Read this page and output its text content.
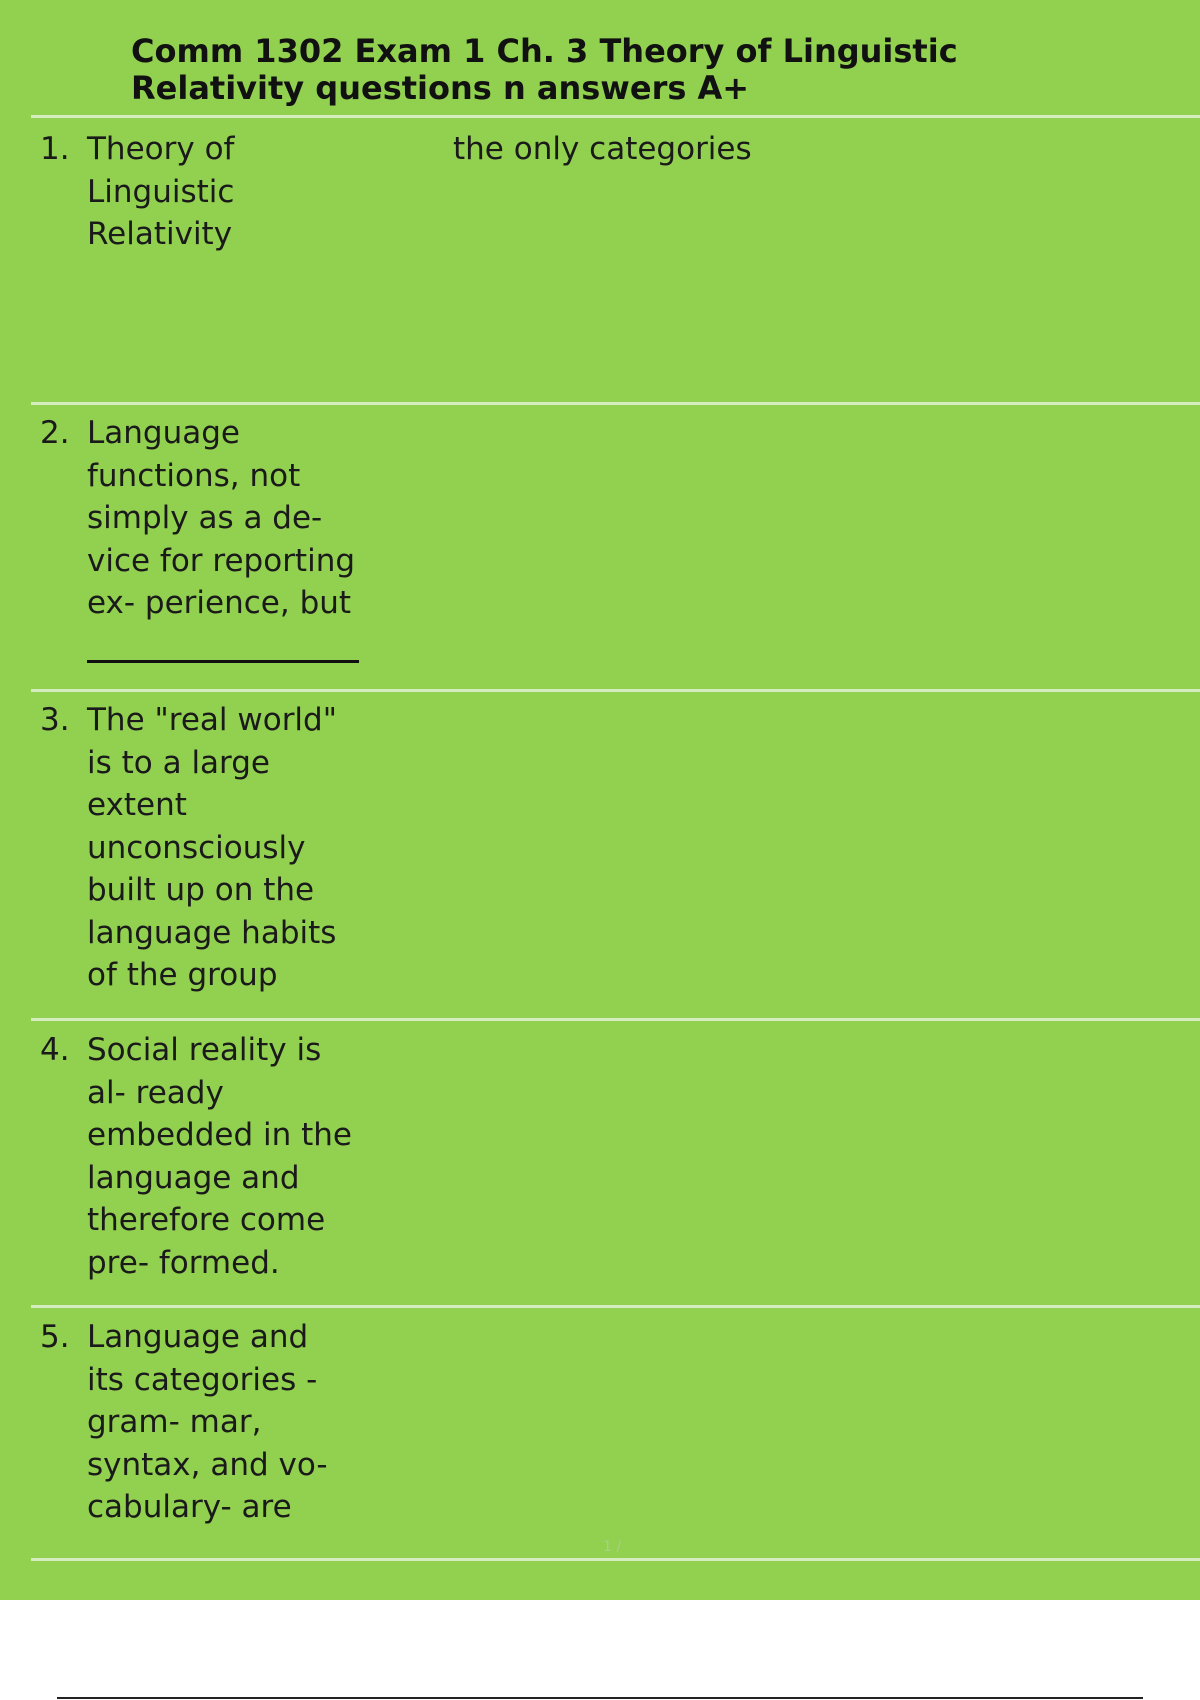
Comm 1302 Exam 1 Ch. 3 Theory of Linguistic Relativity questions n answers A+
1. Theory of
Linguistic
Relativity
the only categories
2. Language
functions, not
simply as a de-
vice for reporting
ex- perience, but
3. The "real world"
is to a large
extent
unconsciously
built up on the
language habits
of the group
4. Social reality is
al- ready
embedded in the
language and
therefore come
pre- formed.
5. Language and
its categories -
gram- mar,
syntax, and vo-
cabulary- are
1 /
